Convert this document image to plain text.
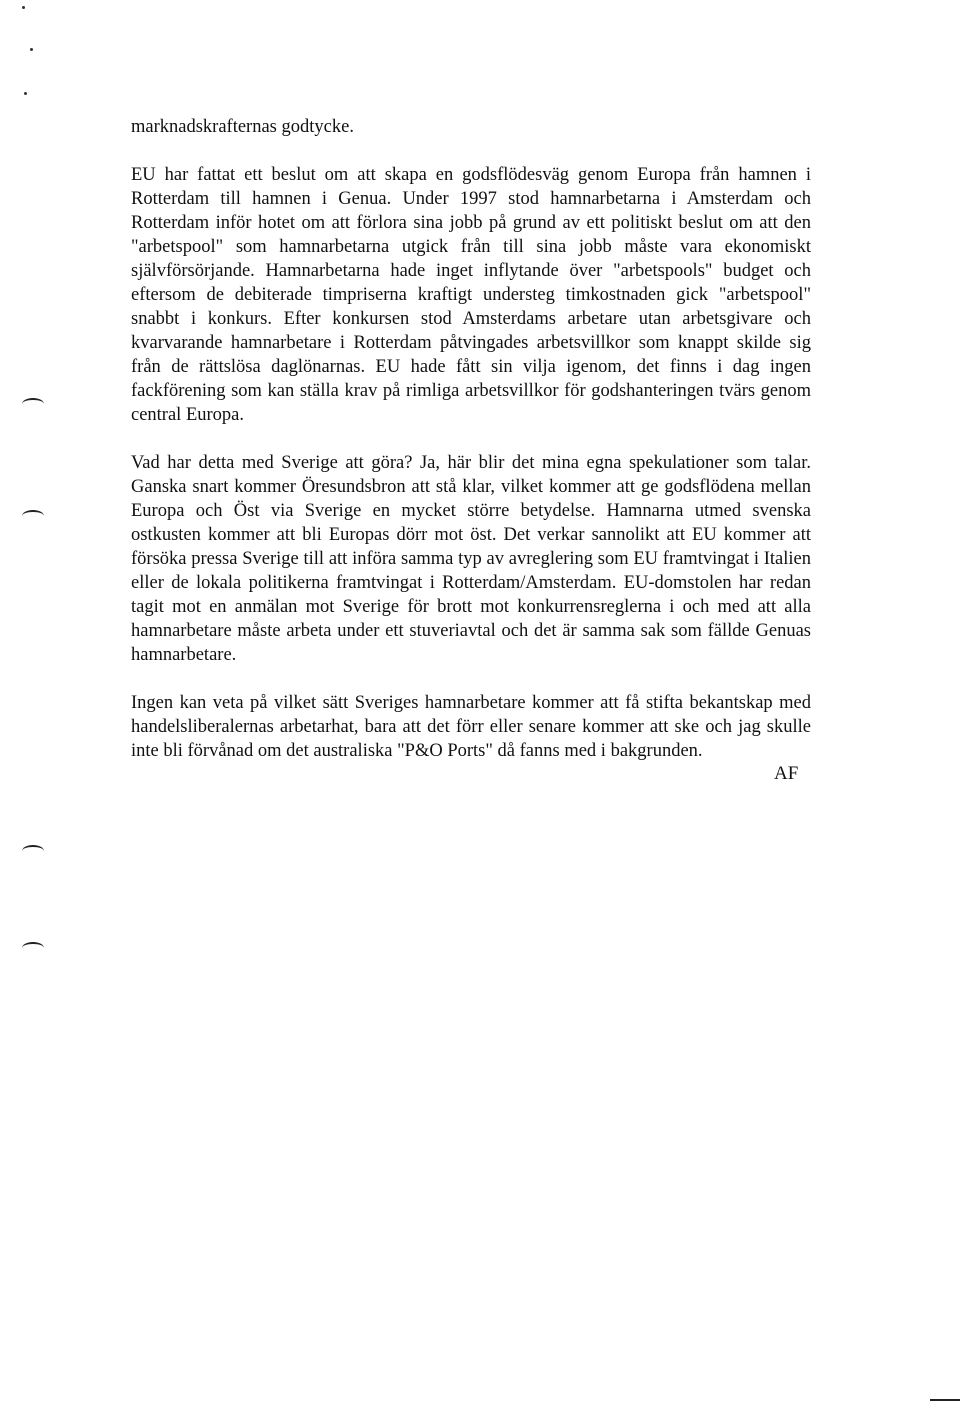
marknadskrafternas godtycke.

EU har fattat ett beslut om att skapa en godsflödesväg genom Europa från hamnen i Rotterdam till hamnen i Genua. Under 1997 stod hamnarbetarna i Amsterdam och Rotterdam inför hotet om att förlora sina jobb på grund av ett politiskt beslut om att den "arbetspool" som hamnarbetarna utgick från till sina jobb måste vara ekonomiskt självförsörjande. Hamnarbetarna hade inget inflytande över "arbetspools" budget och eftersom de debiterade timpriserna kraftigt understeg timkostnaden gick "arbetspool" snabbt i konkurs. Efter konkursen stod Amsterdams arbetare utan arbetsgivare och kvarvarande hamnarbetare i Rotterdam påtvingades arbetsvillkor som knappt skilde sig från de rättslösa daglönarnas. EU hade fått sin vilja igenom, det finns i dag ingen fackförening som kan ställa krav på rimliga arbetsvillkor för godshanteringen tvärs genom central Europa.

Vad har detta med Sverige att göra? Ja, här blir det mina egna spekulationer som talar. Ganska snart kommer Öresundsbron att stå klar, vilket kommer att ge godsflödena mellan Europa och Öst via Sverige en mycket större betydelse. Hamnarna utmed svenska ostkusten kommer att bli Europas dörr mot öst. Det verkar sannolikt att EU kommer att försöka pressa Sverige till att införa samma typ av avreglering som EU framtvingat i Italien eller de lokala politikerna framtvingat i Rotterdam/Amsterdam. EU-domstolen har redan tagit mot en anmälan mot Sverige för brott mot konkurrensreglerna i och med att alla hamnarbetare måste arbeta under ett stuveriavtal och det är samma sak som fällde Genuas hamnarbetare.

Ingen kan veta på vilket sätt Sveriges hamnarbetare kommer att få stifta bekantskap med handelsliberalernas arbetarhat, bara att det förr eller senare kommer att ske och jag skulle inte bli förvånad om det australiska "P&O Ports" då fanns med i bakgrunden.

AF
